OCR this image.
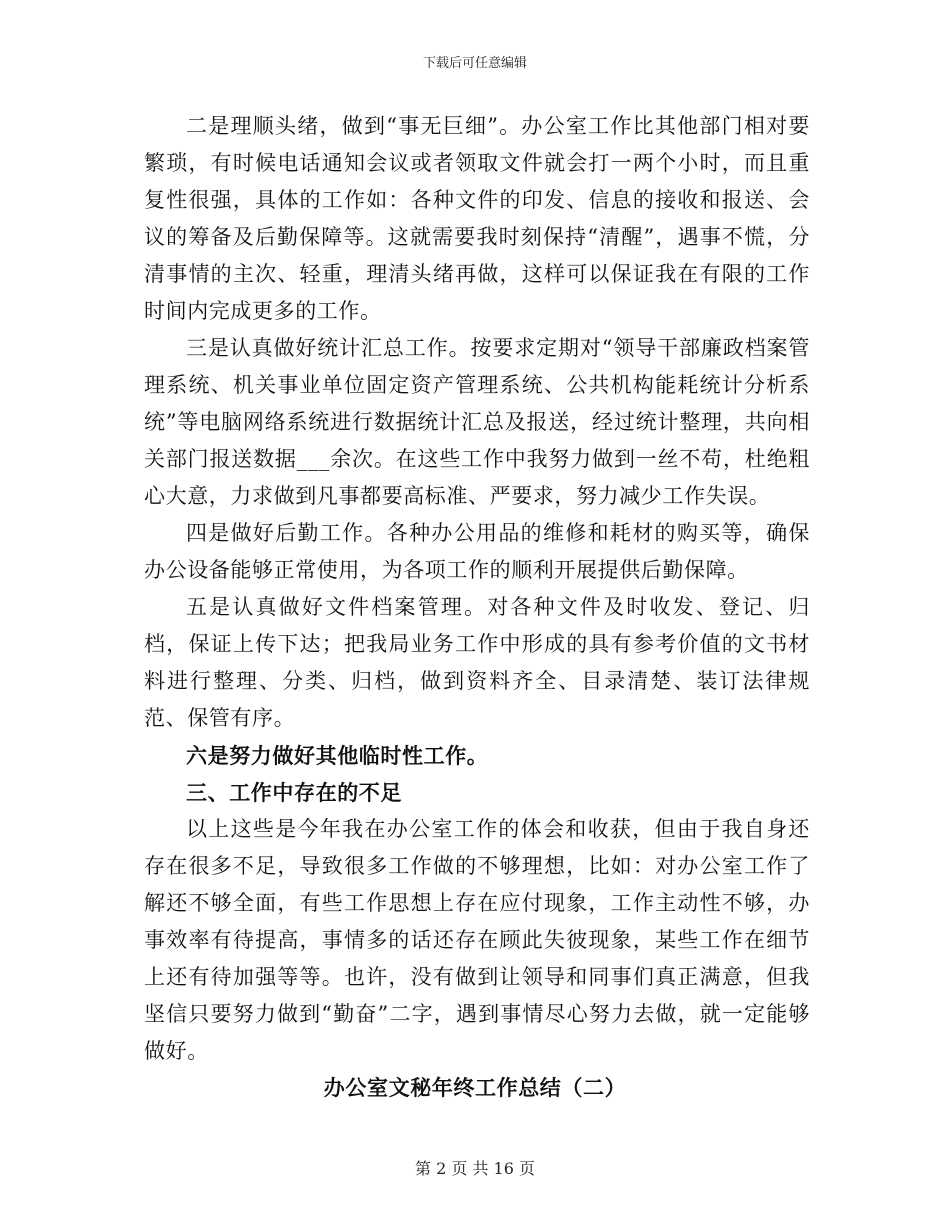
下载后可任意编辑

二是理顺头绪，做到“事无巨细”。办公室工作比其他部门相对要繁琐，有时候电话通知会议或者领取文件就会打一两个小时，而且重复性很强，具体的工作如：各种文件的印发、信息的接收和报送、会议的筹备及后勤保障等。这就需要我时刻保持“清醒”，遇事不慌，分清事情的主次、轻重，理清头绪再做，这样可以保证我在有限的工作时间内完成更多的工作。

三是认真做好统计汇总工作。按要求定期对“领导干部廉政档案管理系统、机关事业单位固定资产管理系统、公共机构能耗统计分析系统”等电脑网络系统进行数据统计汇总及报送，经过统计整理，共向相关部门报送数据___余次。在这些工作中我努力做到一丝不苟，杜绝粗心大意，力求做到凡事都要高标准、严要求，努力减少工作失误。

四是做好后勤工作。各种办公用品的维修和耗材的购买等，确保办公设备能够正常使用，为各项工作的顺利开展提供后勤保障。

五是认真做好文件档案管理。对各种文件及时收发、登记、归档，保证上传下达；把我局业务工作中形成的具有参考价值的文书材料进行整理、分类、归档，做到资料齐全、目录清楚、装订法律规范、保管有序。

六是努力做好其他临时性工作。

三、工作中存在的不足

以上这些是今年我在办公室工作的体会和收获，但由于我自身还存在很多不足，导致很多工作做的不够理想，比如：对办公室工作了解还不够全面，有些工作思想上存在应付现象，工作主动性不够，办事效率有待提高，事情多的话还存在顾此失彼现象，某些工作在细节上还有待加强等等。也许，没有做到让领导和同事们真正满意，但我坚信只要努力做到“勤奋”二字，遇到事情尽心努力去做，就一定能够做好。

办公室文秘年终工作总结（二）
第 2 页 共 16 页
